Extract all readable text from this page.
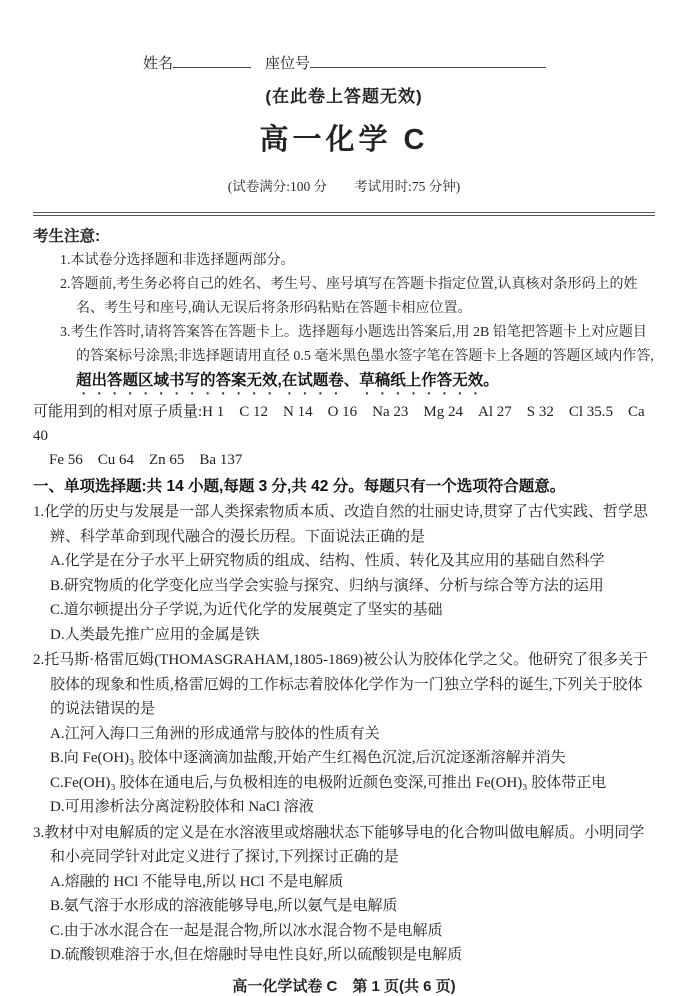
姓名	座位号
(在此卷上答题无效)
高一化学 C
(试卷满分:100 分　　考试用时:75 分钟)
考生注意:
1.本试卷分选择题和非选择题两部分。
2.答题前,考生务必将自己的姓名、考生号、座号填写在答题卡指定位置,认真核对条形码上的姓名、考生号和座号,确认无误后将条形码粘贴在答题卡相应位置。
3.考生作答时,请将答案答在答题卡上。选择题每小题选出答案后,用 2B 铅笔把答题卡上对应题目的答案标号涂黑;非选择题请用直径 0.5 毫米黑色墨水签字笔在答题卡上各题的答题区域内作答,超出答题区域书写的答案无效,在试题卷、草稿纸上作答无效。
可能用到的相对原子质量:H 1　C 12　N 14　O 16　Na 23　Mg 24　Al 27　S 32　Cl 35.5　Ca 40
Fe 56　Cu 64　Zn 65　Ba 137
一、单项选择题:共 14 小题,每题 3 分,共 42 分。每题只有一个选项符合题意。
1.化学的历史与发展是一部人类探索物质本质、改造自然的壮丽史诗,贯穿了古代实践、哲学思辨、科学革命到现代融合的漫长历程。下面说法正确的是
A.化学是在分子水平上研究物质的组成、结构、性质、转化及其应用的基础自然科学
B.研究物质的化学变化应当学会实验与探究、归纳与演绎、分析与综合等方法的运用
C.道尔顿提出分子学说,为近代化学的发展奠定了坚实的基础
D.人类最先推广应用的金属是铁
2.托马斯·格雷厄姆(THOMASGRAHAM,1805-1869)被公认为胶体化学之父。他研究了很多关于胶体的现象和性质,格雷厄姆的工作标志着胶体化学作为一门独立学科的诞生,下列关于胶体的说法错误的是
A.江河入海口三角洲的形成通常与胶体的性质有关
B.向 Fe(OH)₃ 胶体中逐滴滴加盐酸,开始产生红褐色沉淀,后沉淀逐渐溶解并消失
C.Fe(OH)₃ 胶体在通电后,与负极相连的电极附近颜色变深,可推出 Fe(OH)₃ 胶体带正电
D.可用渗析法分离淀粉胶体和 NaCl 溶液
3.教材中对电解质的定义是在水溶液里或熔融状态下能够导电的化合物叫做电解质。小明同学和小亮同学针对此定义进行了探讨,下列探讨正确的是
A.熔融的 HCl 不能导电,所以 HCl 不是电解质
B.氨气溶于水形成的溶液能够导电,所以氨气是电解质
C.由于冰水混合在一起是混合物,所以冰水混合物不是电解质
D.硫酸钡难溶于水,但在熔融时导电性良好,所以硫酸钡是电解质
高一化学试卷 C　第 1 页(共 6 页)
